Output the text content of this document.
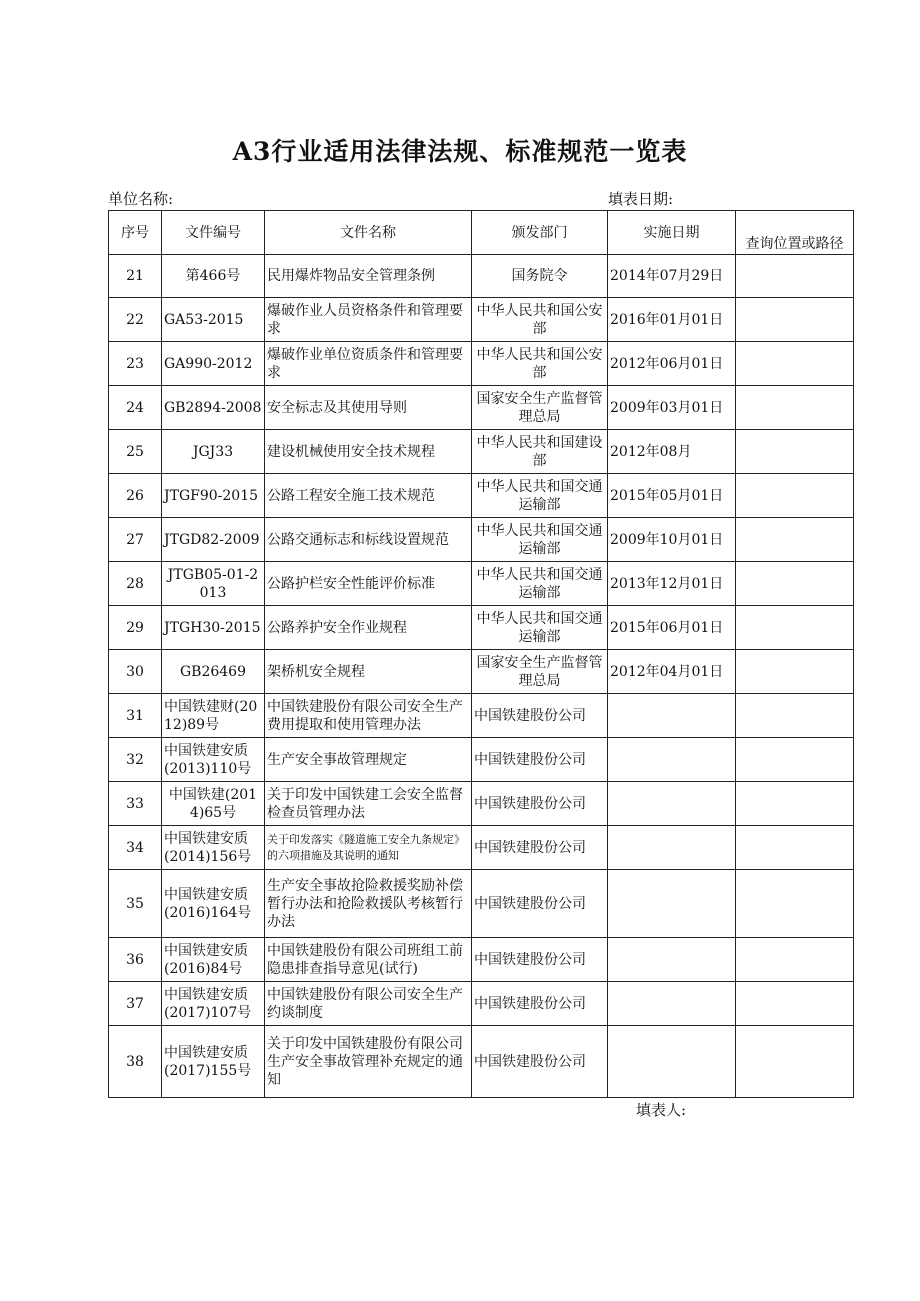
A3行业适用法律法规、标准规范一览表
单位名称:	填表日期:
序号	文件编号	文件名称	颁发部门	实施日期	查询位置或路径
21	第466号	民用爆炸物品安全管理条例	国务院令	2014年07月29日	
22	GA53-2015	爆破作业人员资格条件和管理要求	中华人民共和国公安部	2016年01月01日	
23	GA990-2012	爆破作业单位资质条件和管理要求	中华人民共和国公安部	2012年06月01日	
24	GB2894-2008	安全标志及其使用导则	国家安全生产监督管理总局	2009年03月01日	
25	JGJ33	建设机械使用安全技术规程	中华人民共和国建设部	2012年08月	
26	JTGF90-2015	公路工程安全施工技术规范	中华人民共和国交通运输部	2015年05月01日	
27	JTGD82-2009	公路交通标志和标线设置规范	中华人民共和国交通运输部	2009年10月01日	
28	JTGB05-01-2013	公路护栏安全性能评价标准	中华人民共和国交通运输部	2013年12月01日	
29	JTGH30-2015	公路养护安全作业规程	中华人民共和国交通运输部	2015年06月01日	
30	GB26469	架桥机安全规程	国家安全生产监督管理总局	2012年04月01日	
31	中国铁建财(2012)89号	中国铁建股份有限公司安全生产费用提取和使用管理办法	中国铁建股份公司		
32	中国铁建安质(2013)110号	生产安全事故管理规定	中国铁建股份公司		
33	中国铁建(2014)65号	关于印发中国铁建工会安全监督检查员管理办法	中国铁建股份公司		
34	中国铁建安质(2014)156号	关于印发落实《隧道施工安全九条规定》的六项措施及其说明的通知	中国铁建股份公司		
35	中国铁建安质(2016)164号	生产安全事故抢险救援奖励补偿暂行办法和抢险救援队考核暂行办法	中国铁建股份公司		
36	中国铁建安质(2016)84号	中国铁建股份有限公司班组工前隐患排查指导意见(试行)	中国铁建股份公司		
37	中国铁建安质(2017)107号	中国铁建股份有限公司安全生产约谈制度	中国铁建股份公司		
38	中国铁建安质(2017)155号	关于印发中国铁建股份有限公司生产安全事故管理补充规定的通知	中国铁建股份公司		
填表人:
